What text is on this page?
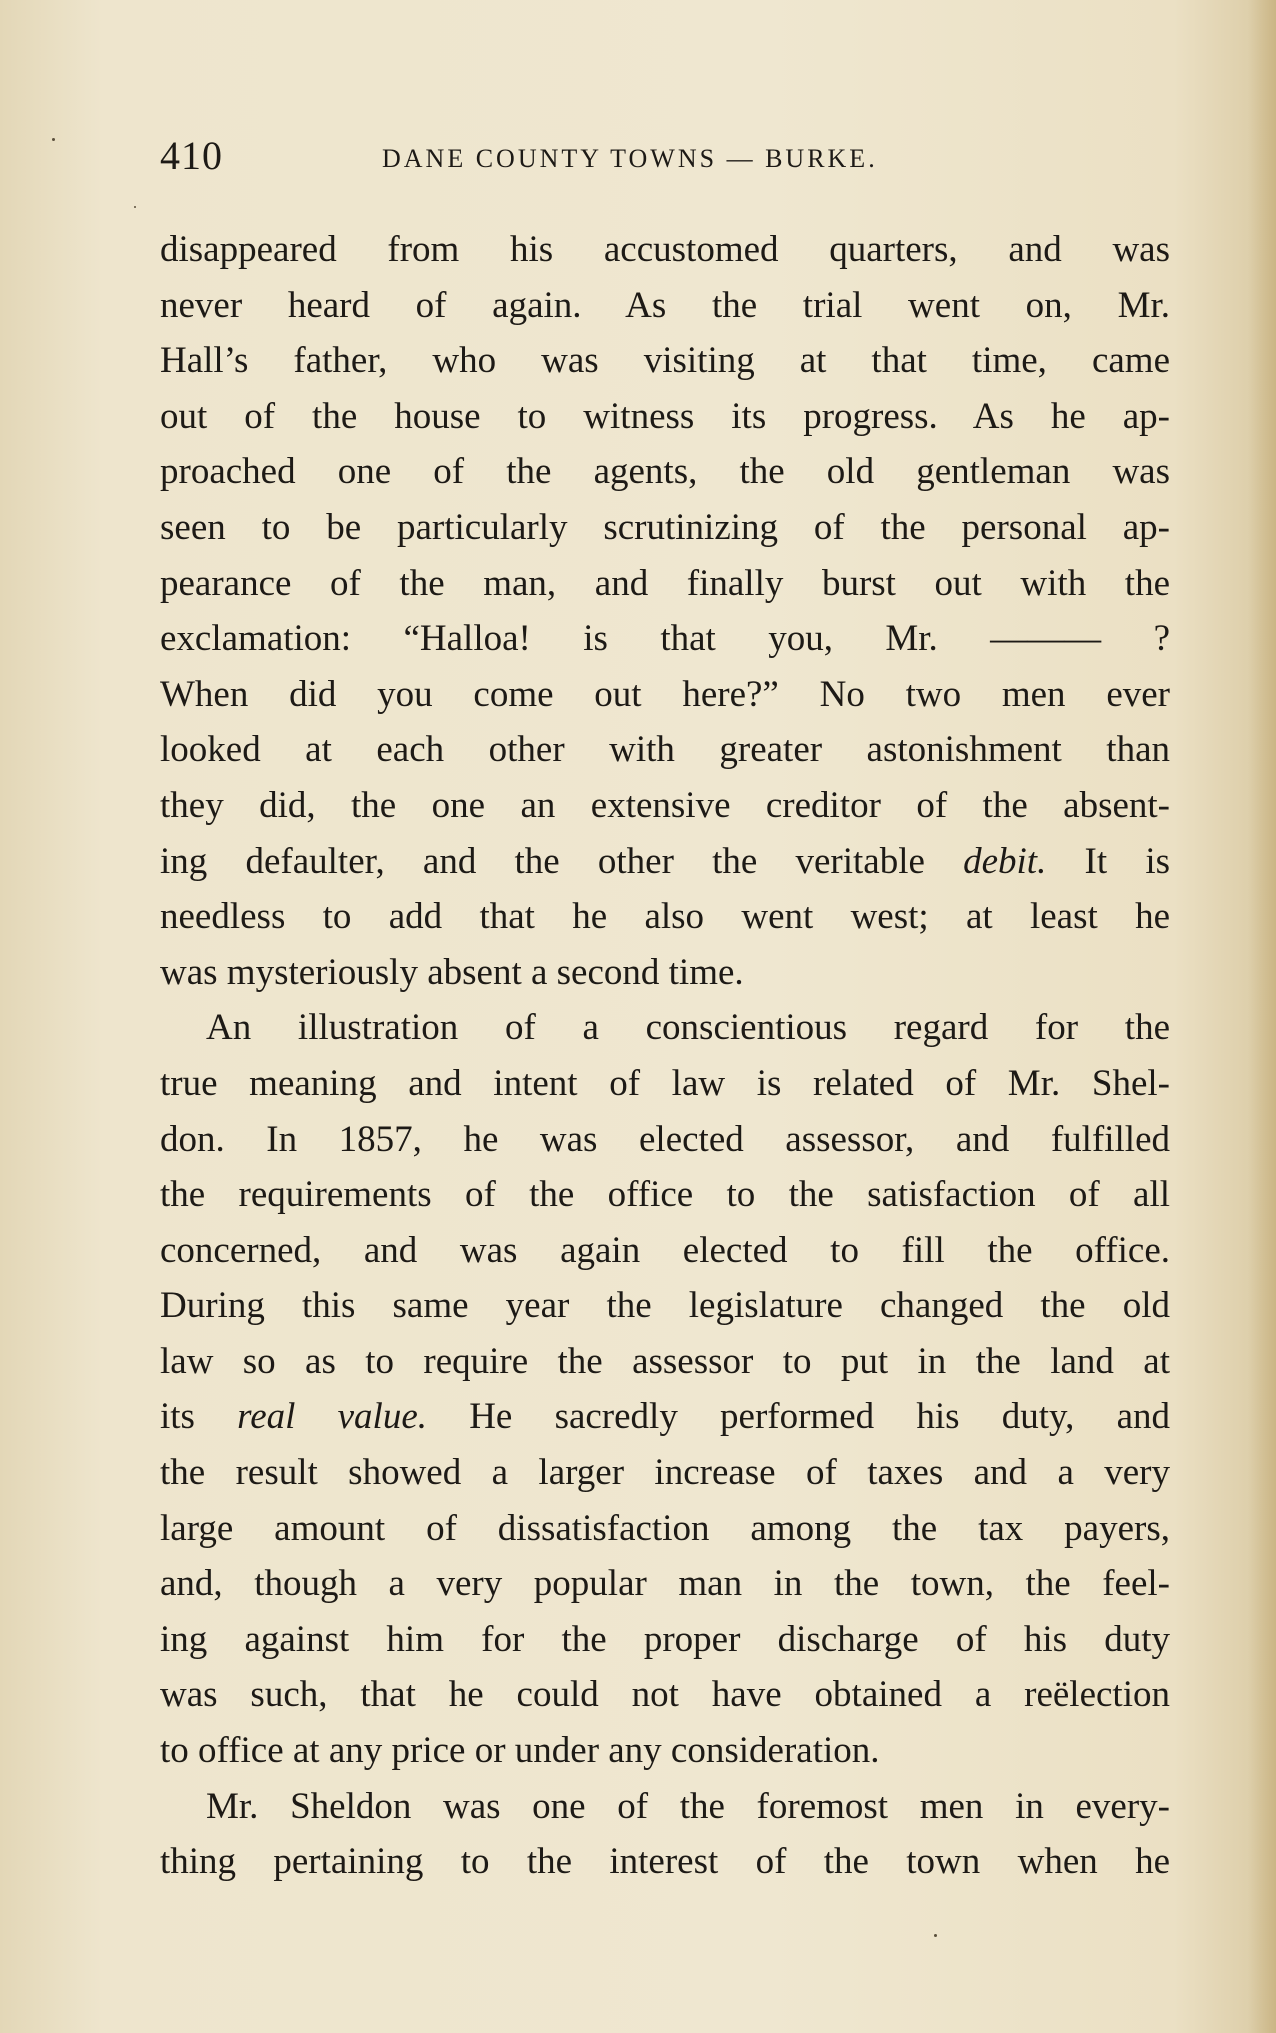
410	DANE COUNTY TOWNS — BURKE.
disappeared from his accustomed quarters, and was
never heard of again. As the trial went on, Mr.
Hall’s father, who was visiting at that time, came
out of the house to witness its progress. As he ap-
proached one of the agents, the old gentleman was
seen to be particularly scrutinizing of the personal ap-
pearance of the man, and finally burst out with the
exclamation: “Halloa! is that you, Mr. ——— ?
When did you come out here?” No two men ever
looked at each other with greater astonishment than
they did, the one an extensive creditor of the absent-
ing defaulter, and the other the veritable debit. It is
needless to add that he also went west; at least he
was mysteriously absent a second time.
An illustration of a conscientious regard for the
true meaning and intent of law is related of Mr. Shel-
don. In 1857, he was elected assessor, and fulfilled
the requirements of the office to the satisfaction of all
concerned, and was again elected to fill the office.
During this same year the legislature changed the old
law so as to require the assessor to put in the land at
its real value. He sacredly performed his duty, and
the result showed a larger increase of taxes and a very
large amount of dissatisfaction among the tax payers,
and, though a very popular man in the town, the feel-
ing against him for the proper discharge of his duty
was such, that he could not have obtained a reëlection
to office at any price or under any consideration.
Mr. Sheldon was one of the foremost men in every-
thing pertaining to the interest of the town when he
